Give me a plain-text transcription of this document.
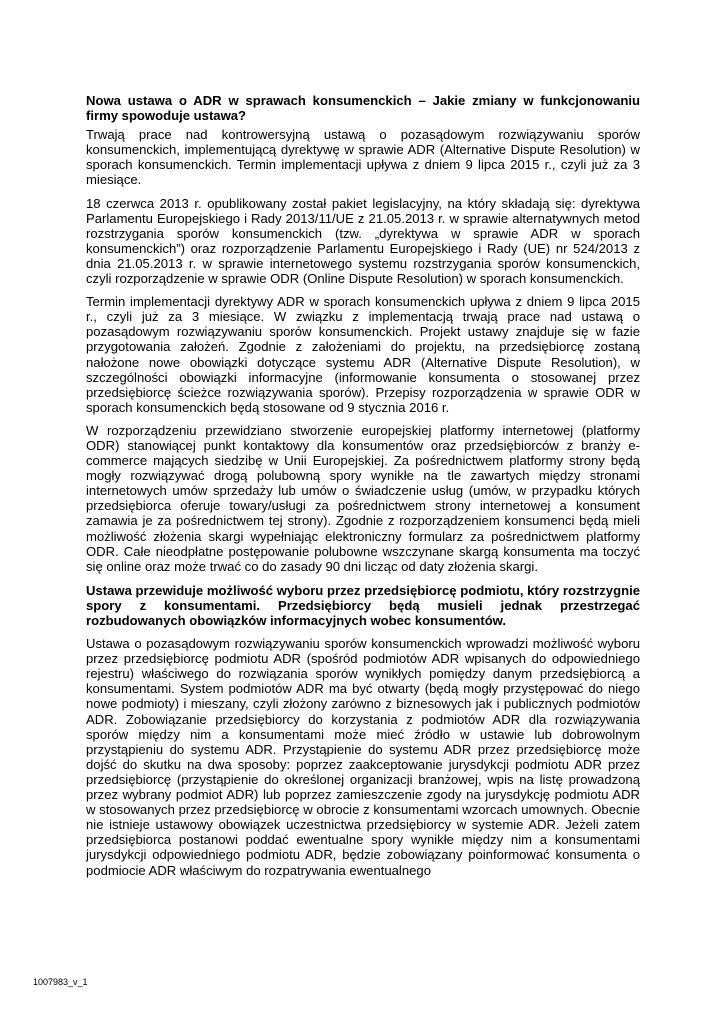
Nowa ustawa o ADR w sprawach konsumenckich – Jakie zmiany w funkcjonowaniu firmy spowoduje ustawa?

Trwają prace nad kontrowersyjną ustawą o pozasądowym rozwiązywaniu sporów konsumenckich, implementującą dyrektywę w sprawie ADR (Alternative Dispute Resolution) w sporach konsumenckich. Termin implementacji upływa z dniem 9 lipca 2015 r., czyli już za 3 miesiące.

18 czerwca 2013 r. opublikowany został pakiet legislacyjny, na który składają się: dyrektywa Parlamentu Europejskiego i Rady 2013/11/UE z 21.05.2013 r. w sprawie alternatywnych metod rozstrzygania sporów konsumenckich (tzw. „dyrektywa w sprawie ADR w sporach konsumenckich”) oraz rozporządzenie Parlamentu Europejskiego i Rady (UE) nr 524/2013 z dnia 21.05.2013 r. w sprawie internetowego systemu rozstrzygania sporów konsumenckich, czyli rozporządzenie w sprawie ODR (Online Dispute Resolution) w sporach konsumenckich.

Termin implementacji dyrektywy ADR w sporach konsumenckich upływa z dniem 9 lipca 2015 r., czyli już za 3 miesiące. W związku z implementacją trwają prace nad ustawą o pozasądowym rozwiązywaniu sporów konsumenckich. Projekt ustawy znajduje się w fazie przygotowania założeń. Zgodnie z założeniami do projektu, na przedsiębiorcę zostaną nałożone nowe obowiązki dotyczące systemu ADR (Alternative Dispute Resolution), w szczególności obowiązki informacyjne (informowanie konsumenta o stosowanej przez przedsiębiorcę ścieżce rozwiązywania sporów). Przepisy rozporządzenia w sprawie ODR w sporach konsumenckich będą stosowane od 9 stycznia 2016 r.

W rozporządzeniu przewidziano stworzenie europejskiej platformy internetowej (platformy ODR) stanowiącej punkt kontaktowy dla konsumentów oraz przedsiębiorców z branży e-commerce mających siedzibę w Unii Europejskiej. Za pośrednictwem platformy strony będą mogły rozwiązywać drogą polubowną spory wynikłe na tle zawartych między stronami internetowych umów sprzedaży lub umów o świadczenie usług (umów, w przypadku których przedsiębiorca oferuje towary/usługi za pośrednictwem strony internetowej a konsument zamawia je za pośrednictwem tej strony). Zgodnie z rozporządzeniem konsumenci będą mieli możliwość złożenia skargi wypełniając elektroniczny formularz za pośrednictwem platformy ODR. Całe nieodpłatne postępowanie polubowne wszczynane skargą konsumenta ma toczyć się online oraz może trwać co do zasady 90 dni licząc od daty złożenia skargi.

Ustawa przewiduje możliwość wyboru przez przedsiębiorcę podmiotu, który rozstrzygnie spory z konsumentami. Przedsiębiorcy będą musieli jednak przestrzegać rozbudowanych obowiązków informacyjnych wobec konsumentów.

Ustawa o pozasądowym rozwiązywaniu sporów konsumenckich wprowadzi możliwość wyboru przez przedsiębiorcę podmiotu ADR (spośród podmiotów ADR wpisanych do odpowiedniego rejestru) właściwego do rozwiązania sporów wynikłych pomiędzy danym przedsiębiorcą a konsumentami. System podmiotów ADR ma być otwarty (będą mogły przystępować do niego nowe podmioty) i mieszany, czyli złożony zarówno z biznesowych jak i publicznych podmiotów ADR. Zobowiązanie przedsiębiorcy do korzystania z podmiotów ADR dla rozwiązywania sporów między nim a konsumentami może mieć źródło w ustawie lub dobrowolnym przystąpieniu do systemu ADR. Przystąpienie do systemu ADR przez przedsiębiorcę może dojść do skutku na dwa sposoby: poprzez zaakceptowanie jurysdykcji podmiotu ADR przez przedsiębiorcę (przystąpienie do określonej organizacji branżowej, wpis na listę prowadzoną przez wybrany podmiot ADR) lub poprzez zamieszczenie zgody na jurysdykcję podmiotu ADR w stosowanych przez przedsiębiorcę w obrocie z konsumentami wzorcach umownych. Obecnie nie istnieje ustawowy obowiązek uczestnictwa przedsiębiorcy w systemie ADR. Jeżeli zatem przedsiębiorca postanowi poddać ewentualne spory wynikłe między nim a konsumentami jurysdykcji odpowiedniego podmiotu ADR, będzie zobowiązany poinformować konsumenta o podmiocie ADR właściwym do rozpatrywania ewentualnego

1007983_v_1
